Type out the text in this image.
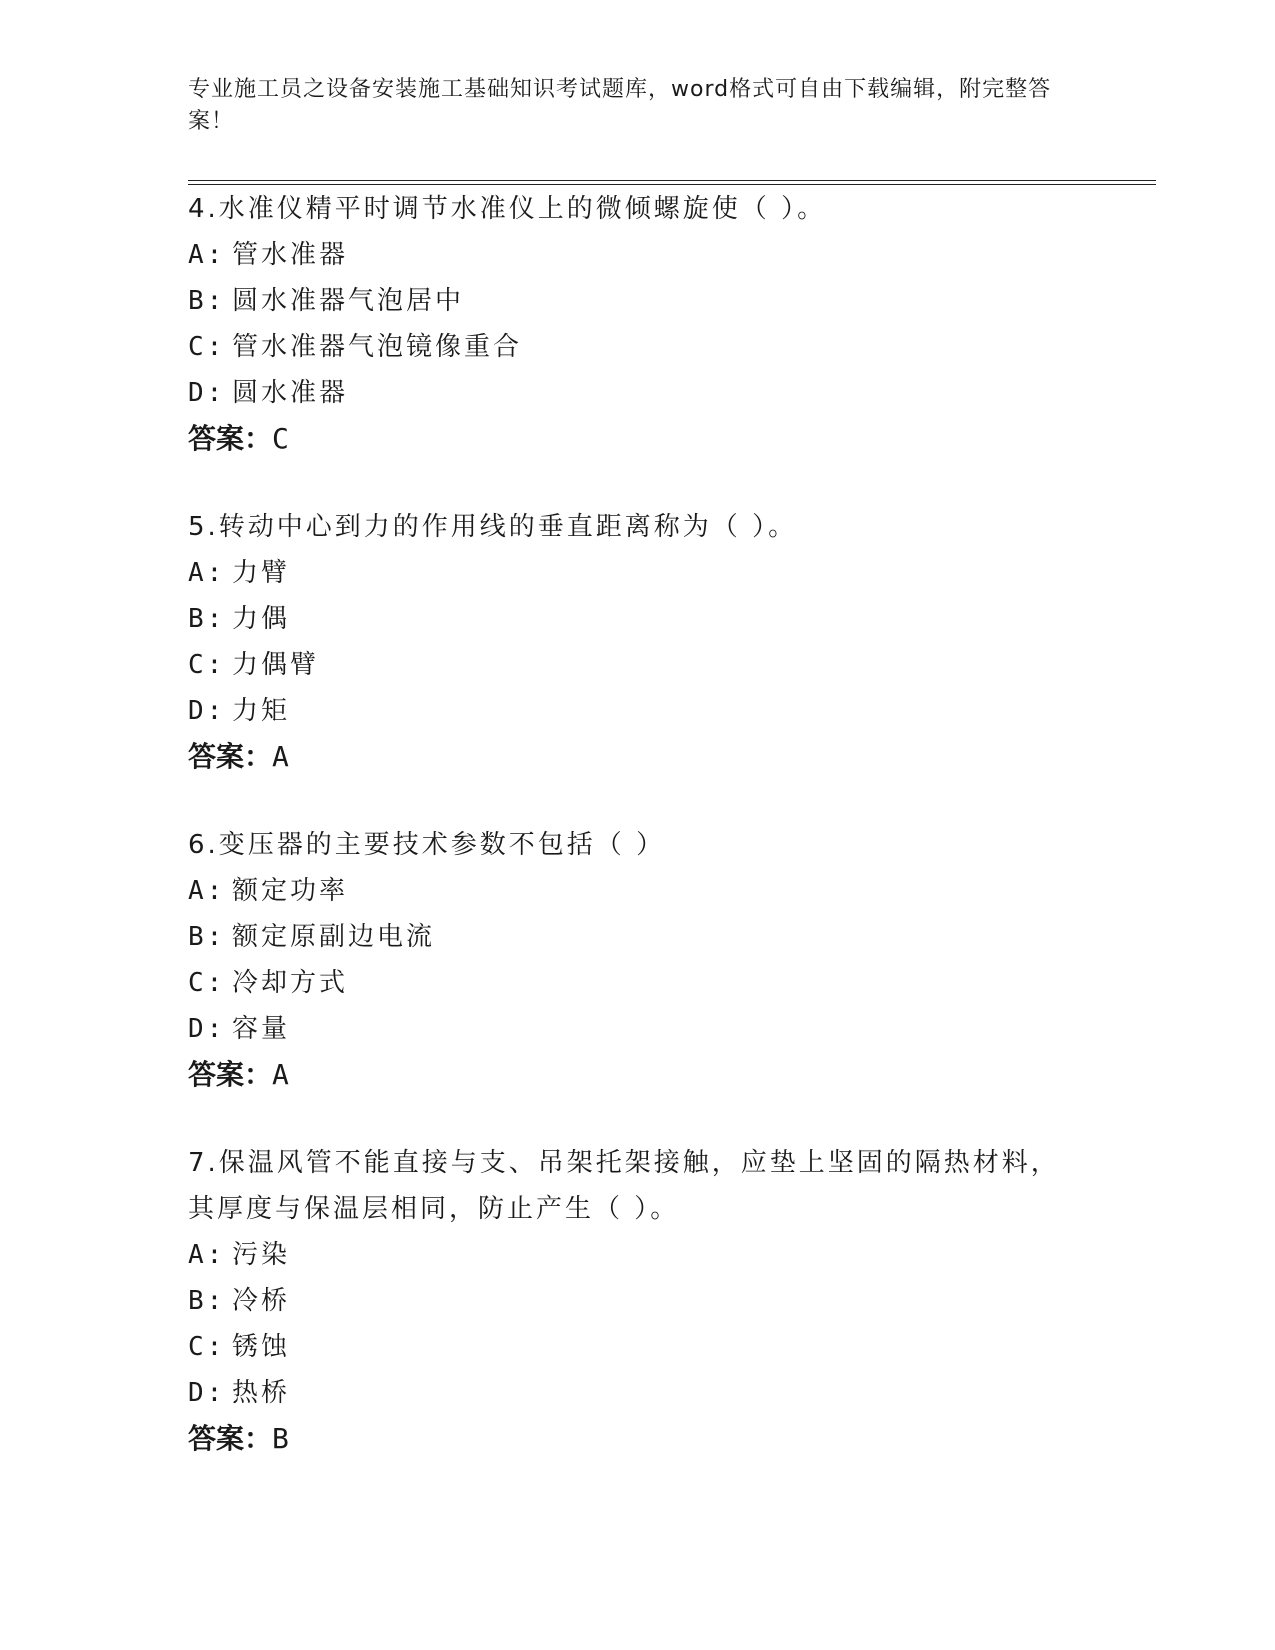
专业施工员之设备安装施工基础知识考试题库，word格式可自由下载编辑，附完整答案！

4.水准仪精平时调节水准仪上的微倾螺旋使（ ）。

A: 管水准器
B: 圆水准器气泡居中
C: 管水准器气泡镜像重合
D: 圆水准器
答案：C

5.转动中心到力的作用线的垂直距离称为（ ）。

A: 力臂
B: 力偶
C: 力偶臂
D: 力矩
答案：A

6.变压器的主要技术参数不包括（ ）

A: 额定功率
B: 额定原副边电流
C: 冷却方式
D: 容量
答案：A

7.保温风管不能直接与支、吊架托架接触，应垫上坚固的隔热材料，其厚度与保温层相同，防止产生（ ）。

A: 污染
B: 冷桥
C: 锈蚀
D: 热桥
答案：B
